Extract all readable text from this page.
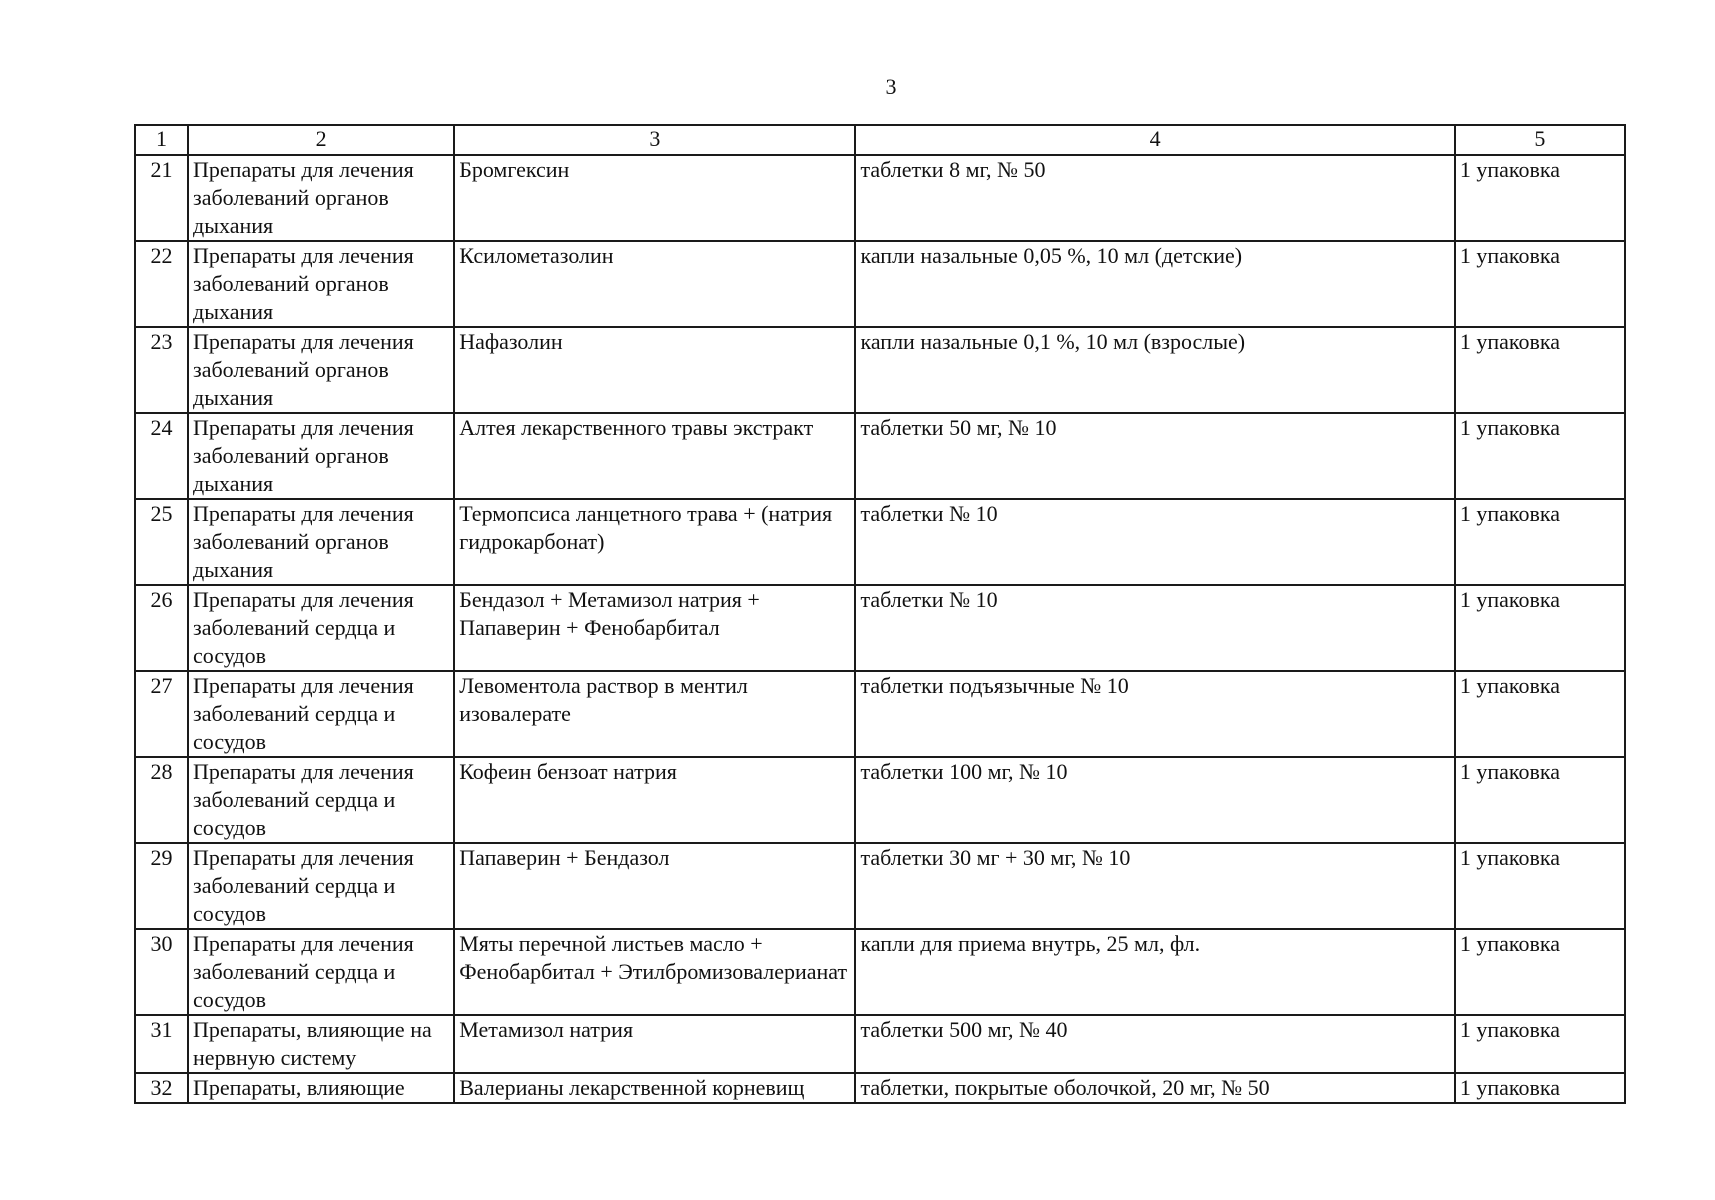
3
1	2	3	4	5
21	Препараты для лечения заболеваний органов дыхания	Бромгексин	таблетки 8 мг, № 50	1 упаковка
22	Препараты для лечения заболеваний органов дыхания	Ксилометазолин	капли назальные 0,05 %, 10 мл (детские)	1 упаковка
23	Препараты для лечения заболеваний органов дыхания	Нафазолин	капли назальные 0,1 %, 10 мл (взрослые)	1 упаковка
24	Препараты для лечения заболеваний органов дыхания	Алтея лекарственного травы экстракт	таблетки 50 мг, № 10	1 упаковка
25	Препараты для лечения заболеваний органов дыхания	Термопсиса ланцетного трава + (натрия гидрокарбонат)	таблетки № 10	1 упаковка
26	Препараты для лечения заболеваний сердца и сосудов	Бендазол + Метамизол натрия + Папаверин + Фенобарбитал	таблетки № 10	1 упаковка
27	Препараты для лечения заболеваний сердца и сосудов	Левоментола раствор в ментил изовалерате	таблетки подъязычные № 10	1 упаковка
28	Препараты для лечения заболеваний сердца и сосудов	Кофеин бензоат натрия	таблетки 100 мг, № 10	1 упаковка
29	Препараты для лечения заболеваний сердца и сосудов	Папаверин + Бендазол	таблетки 30 мг + 30 мг, № 10	1 упаковка
30	Препараты для лечения заболеваний сердца и сосудов	Мяты перечной листьев масло + Фенобарбитал + Этилбромизовалерианат	капли для приема внутрь, 25 мл, фл.	1 упаковка
31	Препараты, влияющие на нервную систему	Метамизол натрия	таблетки 500 мг, № 40	1 упаковка
32	Препараты, влияющие	Валерианы лекарственной корневищ	таблетки, покрытые оболочкой, 20 мг, № 50	1 упаковка
